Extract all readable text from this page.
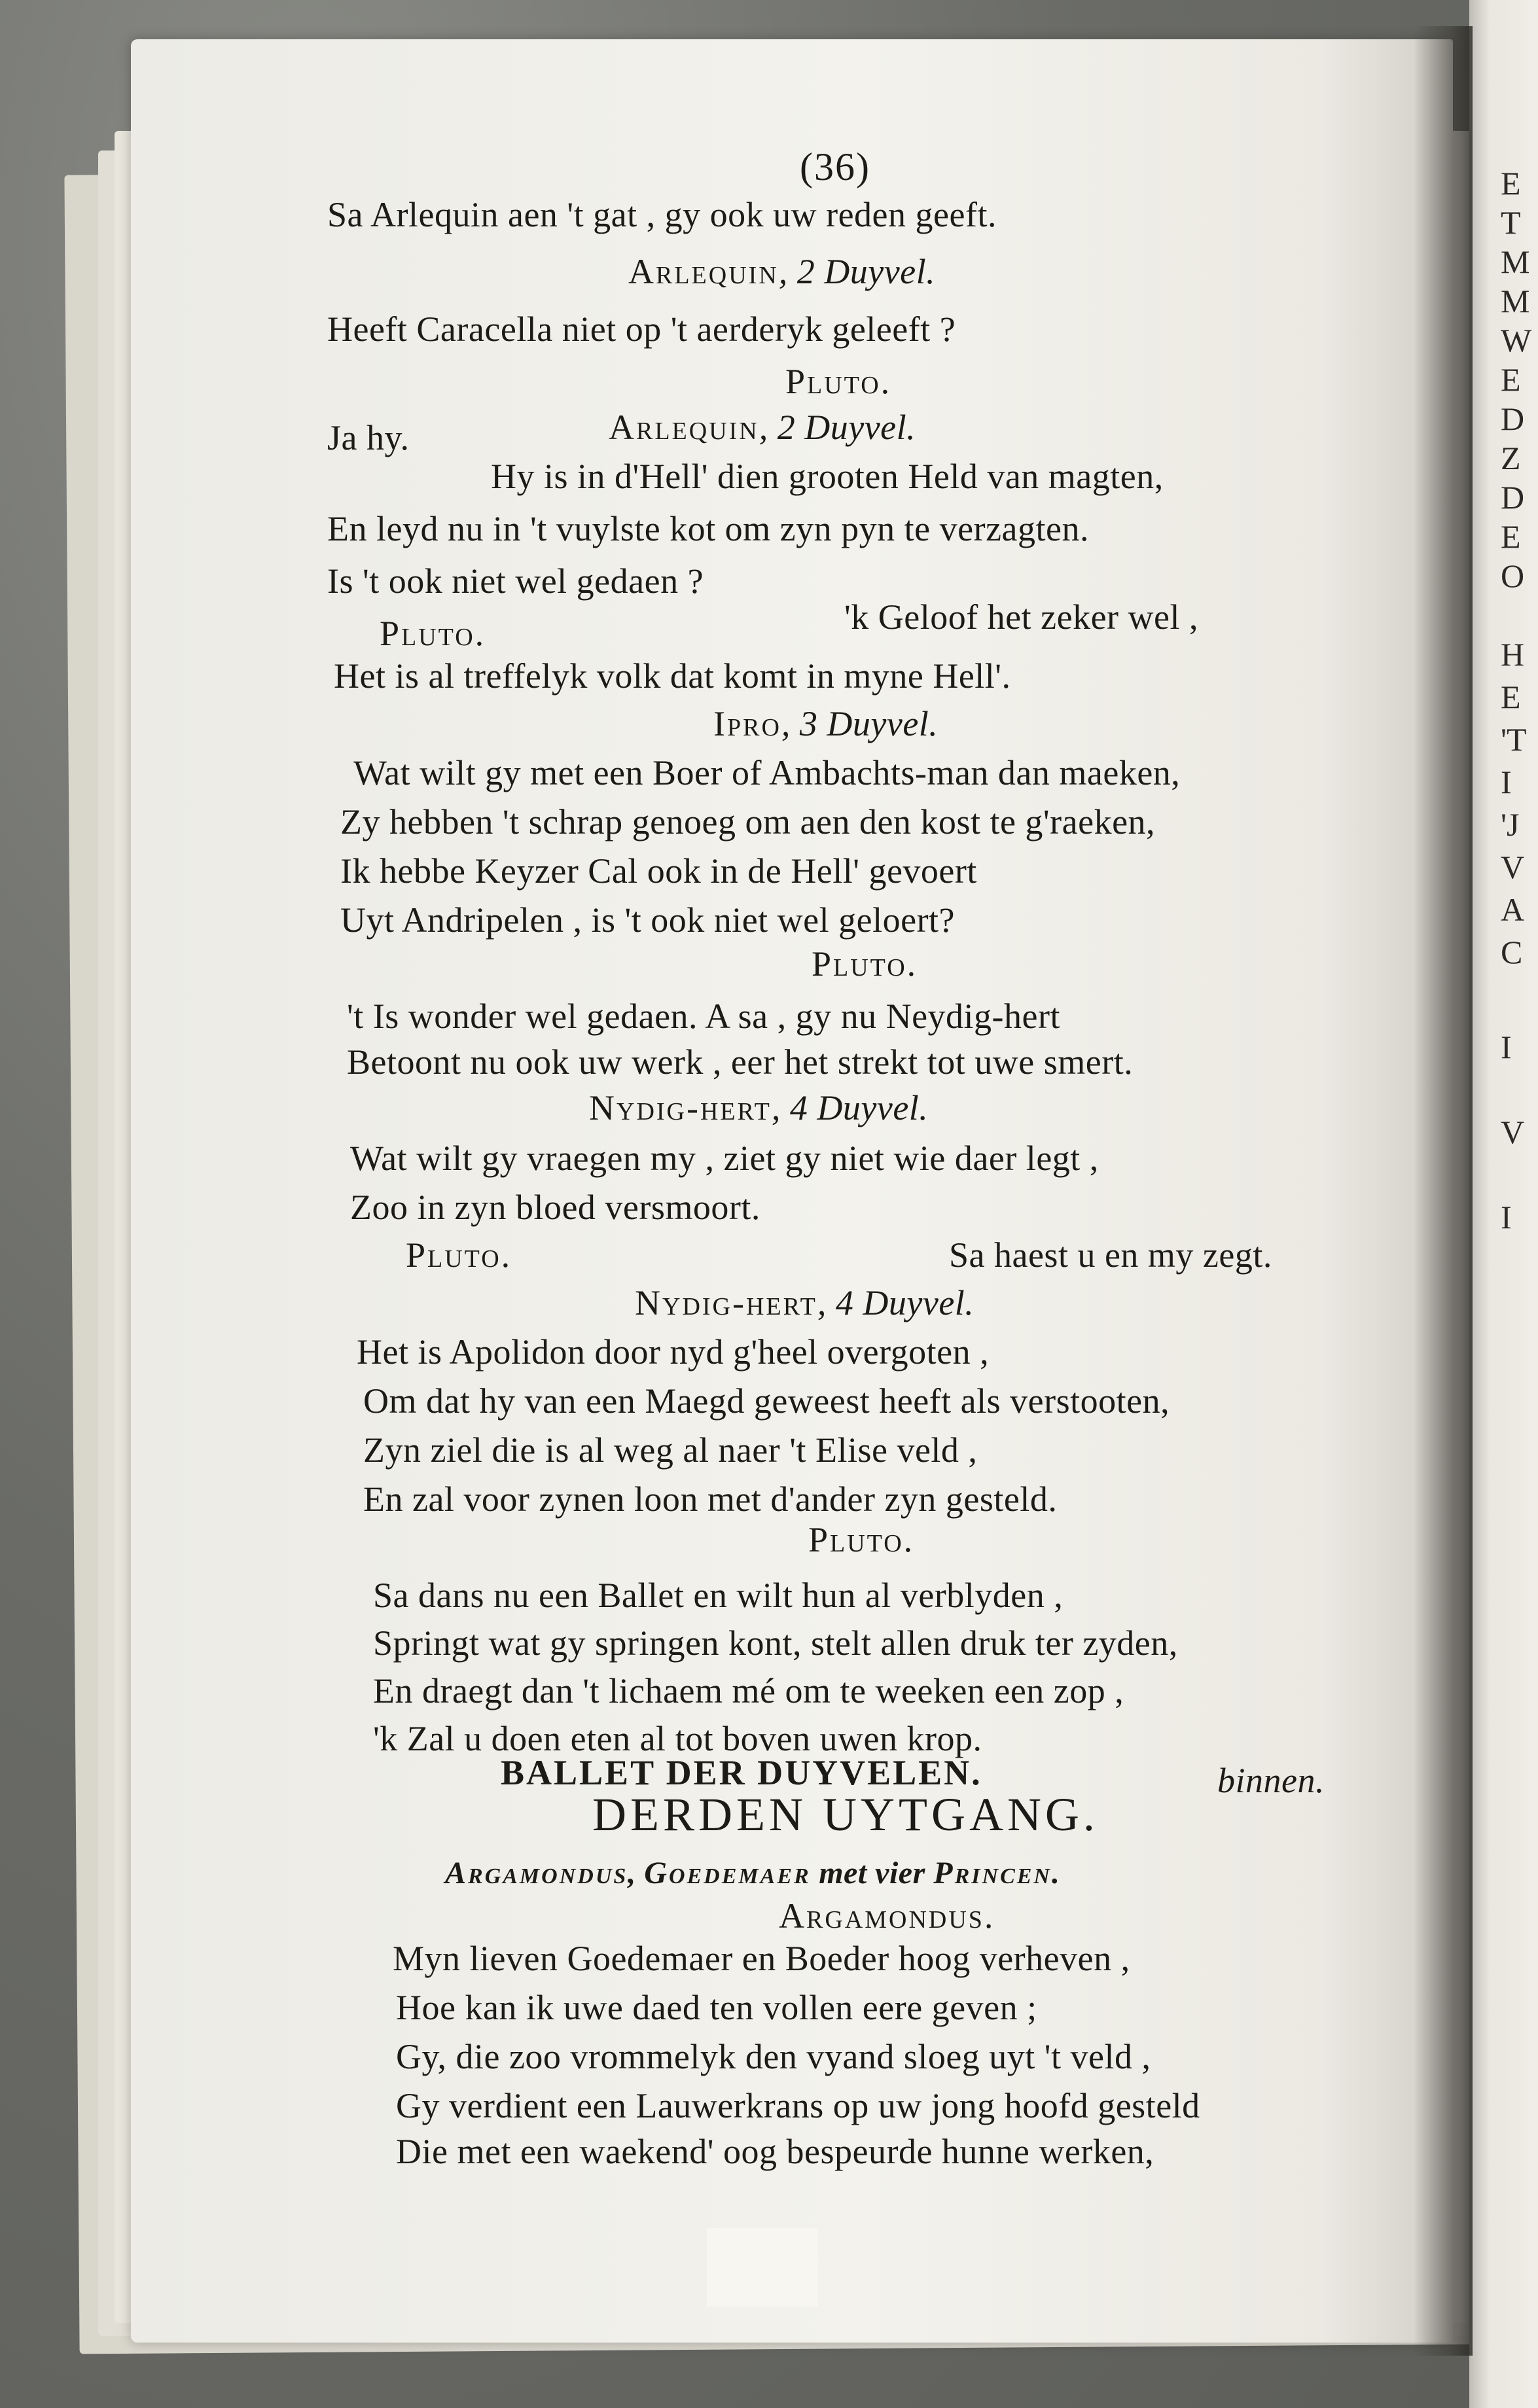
E
T
M
M
W
E
D
Z
D
E
O
H
E
'T
I
'J
V
A
C
I
V
I
(36)
Sa Arlequin aen 't gat , gy ook uw reden geeft.
Arlequin, 2 Duyvel.
Heeft Caracella niet op 't aerderyk geleeft ?
Pluto.
Ja hy.	Arlequin, 2 Duyvel.
Hy is in d'Hell' dien grooten Held van magten,
En leyd nu in 't vuylste kot om zyn pyn te verzagten.
Is 't ook niet wel gedaen ?
Pluto.	'k Geloof het zeker wel ,
Het is al treffelyk volk dat komt in myne Hell'.
Ipro, 3 Duyvel.
Wat wilt gy met een Boer of Ambachts-man dan maeken,
Zy hebben 't schrap genoeg om aen den kost te g'raeken,
Ik hebbe Keyzer Cal ook in de Hell' gevoert
Uyt Andripelen , is 't ook niet wel geloert?
Pluto.
't Is wonder wel gedaen. A sa , gy nu Neydig-hert
Betoont nu ook uw werk , eer het strekt tot uwe smert.
Nydig-hert, 4 Duyvel.
Wat wilt gy vraegen my , ziet gy niet wie daer legt ,
Zoo in zyn bloed versmoort.
Pluto.	Sa haest u en my zegt.
Nydig-hert, 4 Duyvel.
Het is Apolidon door nyd g'heel overgoten ,
Om dat hy van een Maegd geweest heeft als verstooten,
Zyn ziel die is al weg al naer 't Elise veld ,
En zal voor zynen loon met d'ander zyn gesteld.
Pluto.
Sa dans nu een Ballet en wilt hun al verblyden ,
Springt wat gy springen kont, stelt allen druk ter zyden,
En draegt dan 't lichaem mé om te weeken een zop ,
'k Zal u doen eten al tot boven uwen krop.
BALLET DER DUYVELEN.	binnen.
DERDEN UYTGANG.
Argamondus, Goedemaer met vier Princen.
Argamondus.
Myn lieven Goedemaer en Boeder hoog verheven ,
Hoe kan ik uwe daed ten vollen eere geven ;
Gy, die zoo vrommelyk den vyand sloeg uyt 't veld ,
Gy verdient een Lauwerkrans op uw jong hoofd gesteld
Die met een waekend' oog bespeurde hunne werken,
